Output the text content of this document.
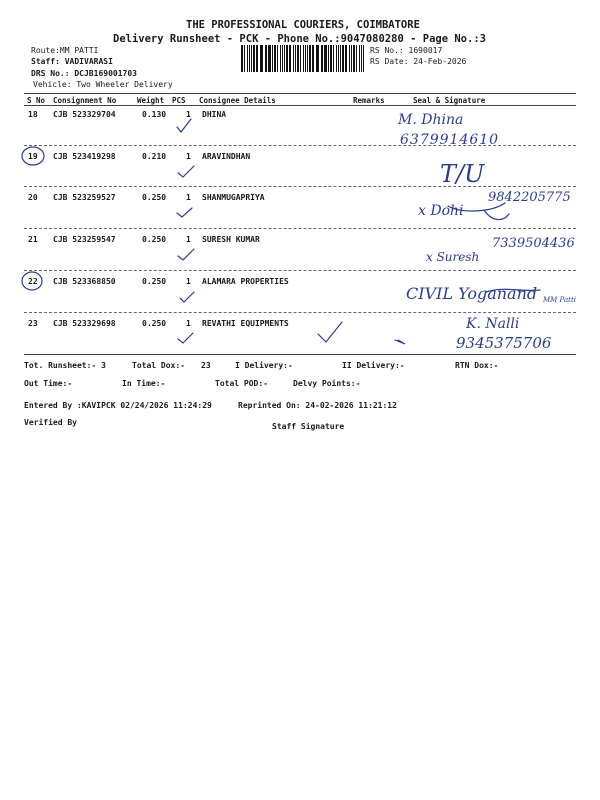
THE PROFESSIONAL COURIERS, COIMBATORE
Delivery Runsheet - PCK - Phone No.:9047080280 - Page No.:3
Route:MM PATTI
Staff: VADIVARASI
DRS No.: DCJB169001703
Vehicle: Two Wheeler Delivery
RS No.: 1690017
RS Date: 24-Feb-2026
S No Consignment No	Weight PCS Consignee Details	Remarks	Seal & Signature
18 CJB 523329704	0.130 1 DHINA	M. Dhina
6379914610
19 CJB 523419298	0.210 1 ARAVINDHAN
T/U
20 CJB 523259527	0.250 1 SHANMUGAPRIYA	9842205775
x Dohi
21 CJB 523259547	0.250 1 SURESH KUMAR	7339504436
x Suresh
22 CJB 523368850	0.250 1 ALAMARA PROPERTIES
CIVIL Yoganand MM Patti
23 CJB 523329698	0.250 1 REVATHI EQUIPMENTS	K. Nalli
9345375706
Tot. Runsheet:- 3	Total Dox:- 23	I Delivery:-	II Delivery:-	RTN Dox:-
Out Time:-	In Time:-	Total POD:-	Delvy Points:-
Entered By :KAVIPCK 02/24/2026 11:24:29	Reprinted On: 24-02-2026 11:21:12
Verified By	Staff Signature
